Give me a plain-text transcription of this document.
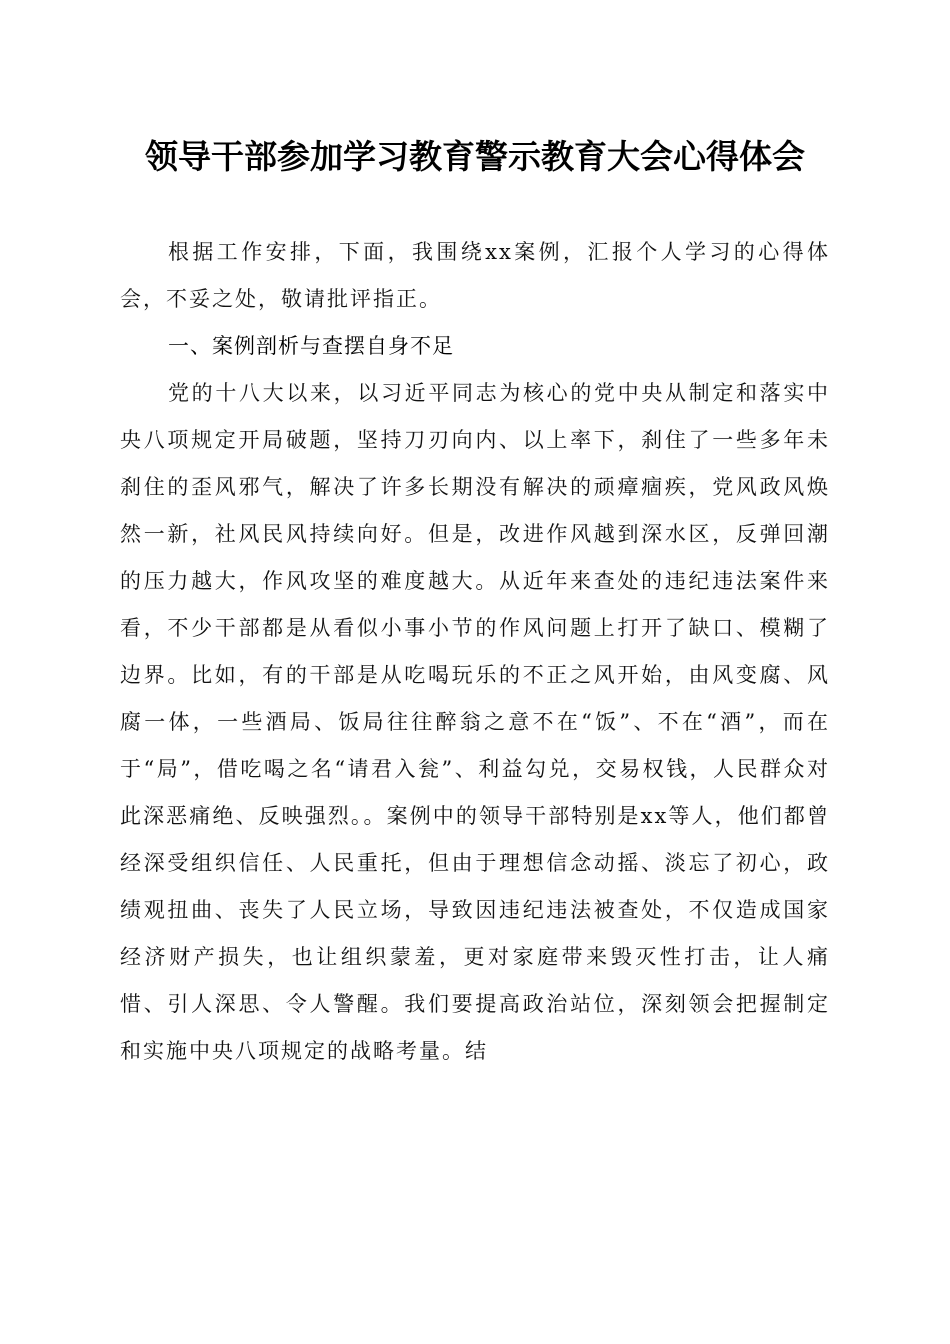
领导干部参加学习教育警示教育大会心得体会

根据工作安排，下面，我围绕xx案例，汇报个人学习的心得体会，不妥之处，敬请批评指正。

一、案例剖析与查摆自身不足

党的十八大以来，以习近平同志为核心的党中央从制定和落实中央八项规定开局破题，坚持刀刃向内、以上率下，刹住了一些多年未刹住的歪风邪气，解决了许多长期没有解决的顽瘴痼疾，党风政风焕然一新，社风民风持续向好。但是，改进作风越到深水区，反弹回潮的压力越大，作风攻坚的难度越大。从近年来查处的违纪违法案件来看，不少干部都是从看似小事小节的作风问题上打开了缺口、模糊了边界。比如，有的干部是从吃喝玩乐的不正之风开始，由风变腐、风腐一体，一些酒局、饭局往往醉翁之意不在“饭”、不在“酒”，而在于“局”，借吃喝之名“请君入瓮”、利益勾兑，交易权钱，人民群众对此深恶痛绝、反映强烈。。案例中的领导干部特别是xx等人，他们都曾经深受组织信任、人民重托，但由于理想信念动摇、淡忘了初心，政绩观扭曲、丧失了人民立场，导致因违纪违法被查处，不仅造成国家经济财产损失，也让组织蒙羞，更对家庭带来毁灭性打击，让人痛惜、引人深思、令人警醒。我们要提高政治站位，深刻领会把握制定和实施中央八项规定的战略考量。结
